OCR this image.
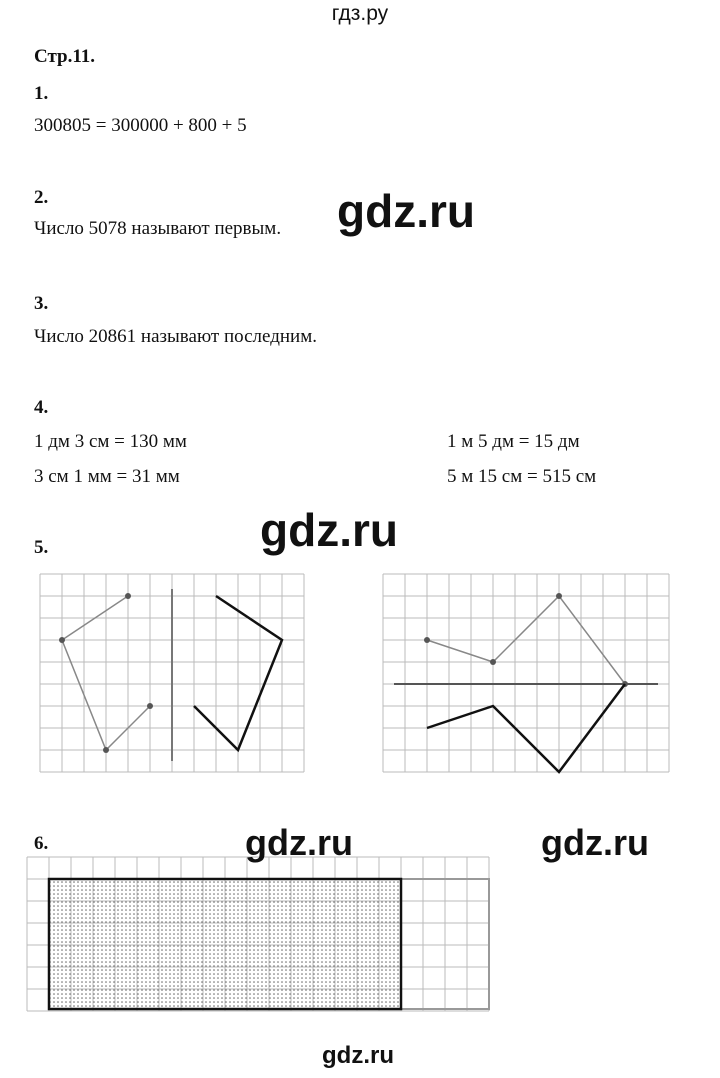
гдз.ру
Стр.11.
1.
300805 = 300000 + 800 + 5
2.
Число 5078 называют первым.
3.
Число 20861 называют последним.
4.
1 дм 3 см = 130 мм
3 см 1 мм = 31 мм
1 м 5 дм = 15 дм
5 м 15 см = 515 см
5.
6.
gdz.ru
gdz.ru
gdz.ru	gdz.ru
gdz.ru
